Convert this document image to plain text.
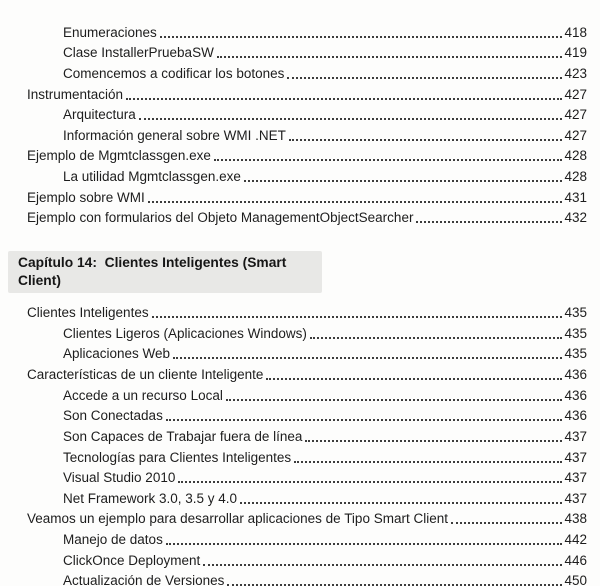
Enumeraciones	418
Clase InstallerPruebaSW	419
Comencemos a codificar los botones	423
Instrumentación	427
Arquitectura	427
Información general sobre WMI .NET	427
Ejemplo de Mgmtclassgen.exe	428
La utilidad Mgmtclassgen.exe	428
Ejemplo sobre WMI	431
Ejemplo con formularios del Objeto ManagementObjectSearcher	432
Capítulo 14:  Clientes Inteligentes (Smart Client)
Clientes Inteligentes	435
Clientes Ligeros (Aplicaciones Windows)	435
Aplicaciones Web	435
Características de un cliente Inteligente	436
Accede a un recurso Local	436
Son Conectadas	436
Son Capaces de Trabajar fuera de línea	437
Tecnologías para Clientes Inteligentes	437
Visual Studio 2010	437
Net Framework 3.0, 3.5 y 4.0	437
Veamos un ejemplo para desarrollar aplicaciones de Tipo Smart Client	438
Manejo de datos	442
ClickOnce Deployment	446
Actualización de Versiones	450
